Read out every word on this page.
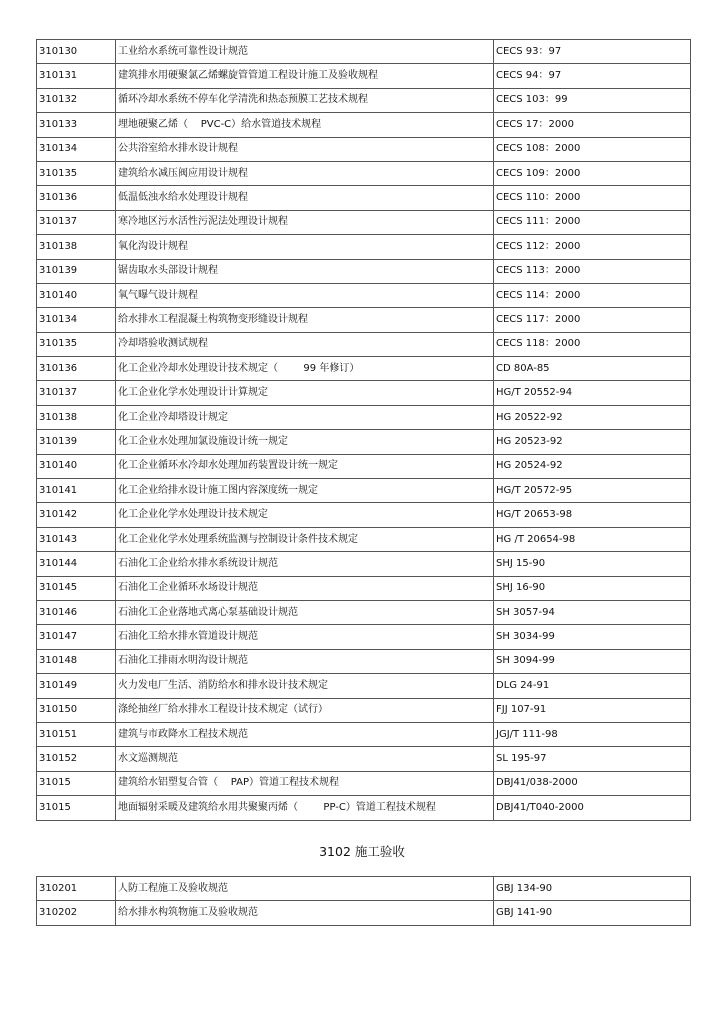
310130	工业给水系统可靠性设计规范	CECS 93：97
310131	建筑排水用硬聚氯乙烯螺旋管管道工程设计施工及验收规程	CECS 94：97
310132	循环冷却水系统不停车化学清洗和热态预膜工艺技术规程	CECS 103：99
310133	埋地硬聚乙烯（    PVC-C）给水管道技术规程	CECS 17：2000
310134	公共浴室给水排水设计规程	CECS 108：2000
310135	建筑给水减压阀应用设计规程	CECS 109：2000
310136	低温低浊水给水处理设计规程	CECS 110：2000
310137	寒冷地区污水活性污泥法处理设计规程	CECS 111：2000
310138	氧化沟设计规程	CECS 112：2000
310139	锯齿取水头部设计规程	CECS 113：2000
310140	氧气曝气设计规程	CECS 114：2000
310134	给水排水工程混凝土构筑物变形缝设计规程	CECS 117：2000
310135	冷却塔验收测试规程	CECS 118：2000
310136	化工企业冷却水处理设计技术规定（        99 年修订）	CD 80A-85
310137	化工企业化学水处理设计计算规定	HG/T 20552-94
310138	化工企业冷却塔设计规定	HG 20522-92
310139	化工企业水处理加氯设施设计统一规定	HG 20523-92
310140	化工企业循环水冷却水处理加药装置设计统一规定	HG 20524-92
310141	化工企业给排水设计施工图内容深度统一规定	HG/T 20572-95
310142	化工企业化学水处理设计技术规定	HG/T 20653-98
310143	化工企业化学水处理系统监测与控制设计条件技术规定	HG /T 20654-98
310144	石油化工企业给水排水系统设计规范	SHJ 15-90
310145	石油化工企业循环水场设计规范	SHJ 16-90
310146	石油化工企业落地式离心泵基础设计规范	SH 3057-94
310147	石油化工给水排水管道设计规范	SH 3034-99
310148	石油化工排雨水明沟设计规范	SH 3094-99
310149	火力发电厂生活、消防给水和排水设计技术规定	DLG 24-91
310150	涤纶抽丝厂给水排水工程设计技术规定（试行）	FJJ 107-91
310151	建筑与市政降水工程技术规范	JGJ/T 111-98
310152	水文巡测规范	SL 195-97
31015	建筑给水铝塑复合管（    PAP）管道工程技术规程	DBJ41/038-2000
31015	地面辐射采暖及建筑给水用共聚聚丙烯（        PP-C）管道工程技术规程	DBJ41/T040-2000
3102 施工验收
310201	人防工程施工及验收规范	GBJ 134-90
310202	给水排水构筑物施工及验收规范	GBJ 141-90
